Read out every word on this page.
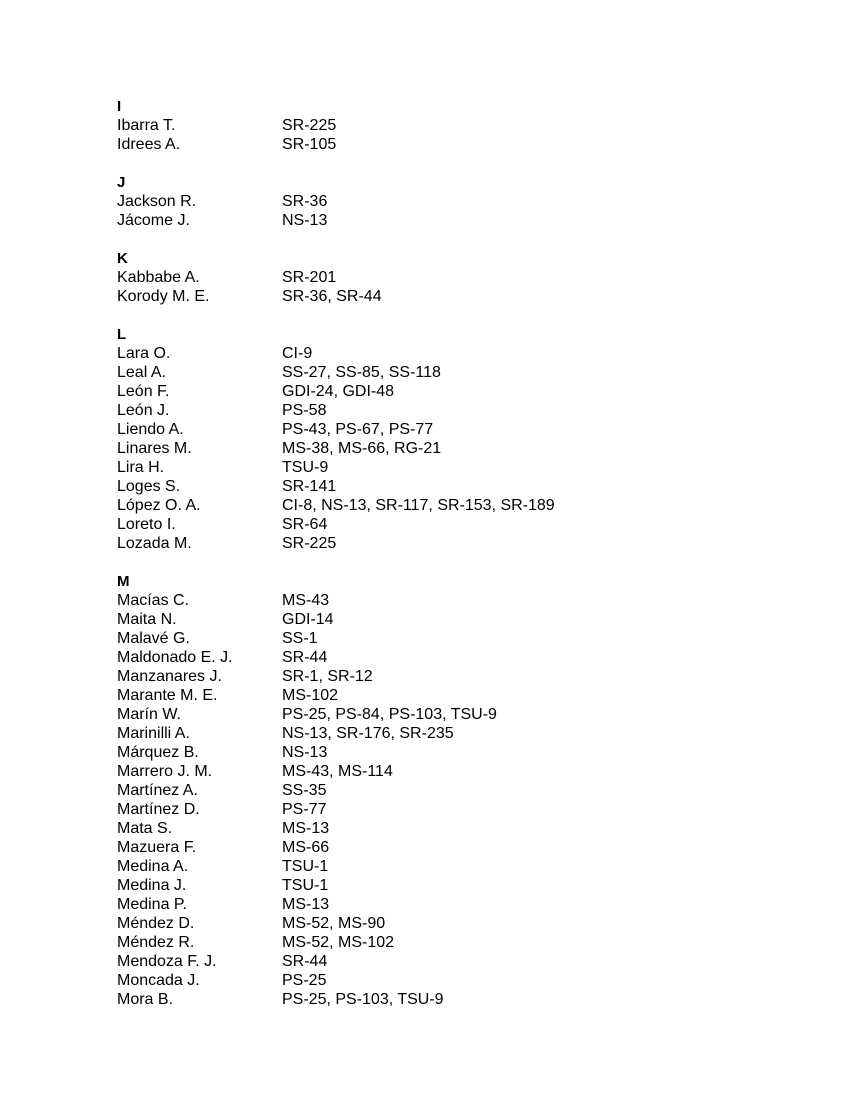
I
Ibarra T.	SR-225
Idrees A.	SR-105
J
Jackson R.	SR-36
Jácome J.	NS-13
K
Kabbabe A.	SR-201
Korody M. E.	SR-36, SR-44
L
Lara O.	CI-9
Leal A.	SS-27, SS-85, SS-118
León F.	GDI-24, GDI-48
León J.	PS-58
Liendo A.	PS-43, PS-67, PS-77
Linares M.	MS-38, MS-66, RG-21
Lira H.	TSU-9
Loges S.	SR-141
López O. A.	CI-8, NS-13, SR-117, SR-153, SR-189
Loreto I.	SR-64
Lozada M.	SR-225
M
Macías C.	MS-43
Maita N.	GDI-14
Malavé G.	SS-1
Maldonado E. J.	SR-44
Manzanares J.	SR-1, SR-12
Marante M. E.	MS-102
Marín W.	PS-25, PS-84, PS-103, TSU-9
Marinilli A.	NS-13, SR-176, SR-235
Márquez B.	NS-13
Marrero J. M.	MS-43, MS-114
Martínez A.	SS-35
Martínez D.	PS-77
Mata S.	MS-13
Mazuera F.	MS-66
Medina A.	TSU-1
Medina J.	TSU-1
Medina P.	MS-13
Méndez D.	MS-52, MS-90
Méndez R.	MS-52, MS-102
Mendoza F. J.	SR-44
Moncada J.	PS-25
Mora B.	PS-25, PS-103, TSU-9
